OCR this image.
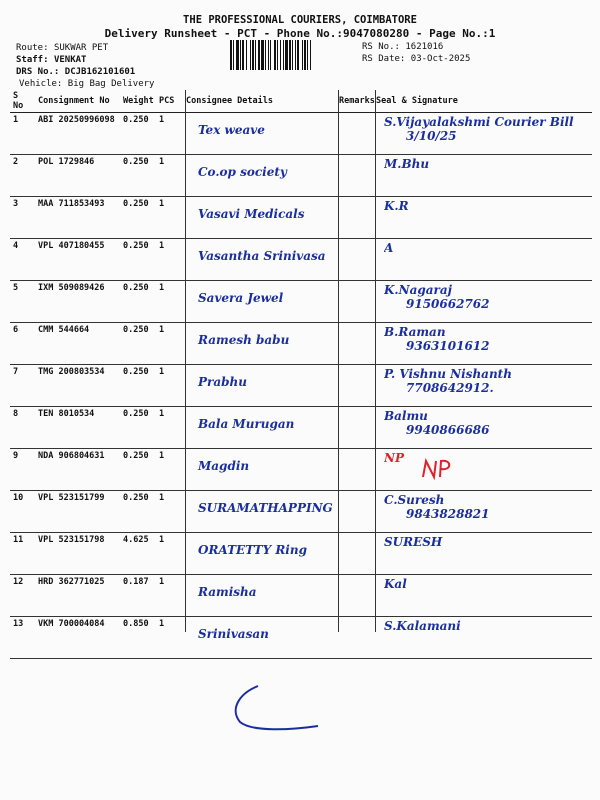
THE PROFESSIONAL COURIERS, COIMBATORE
Delivery Runsheet - PCT - Phone No.:9047080280 - Page No.:1
Route: SUKWAR PET
Staff: VENKAT
DRS No.: DCJB162101601
Vehicle: Big Bag Delivery
RS No.: 1621016
RS Date: 03-Oct-2025
S No	Consignment No	Weight	PCS	Consignee Details	Remarks	Seal & Signature
1	ABI 20250996098	0.250	1	Tex weave		S.Vijayalakshmi Courier Bill
3/10/25

2	POL 1729846	0.250	1	Co.op society		M.Bhu

3	MAA 711853493	0.250	1	Vasavi Medicals		K.R

4	VPL 407180455	0.250	1	Vasantha Srinivasa		A

5	IXM 509089426	0.250	1	Savera Jewel		K.Nagaraj
9150662762

6	CMM 544664	0.250	1	Ramesh babu		B.Raman
9363101612

7	TMG 200803534	0.250	1	Prabhu		P. Vishnu Nishanth
7708642912.

8	TEN 8010534	0.250	1	Bala Murugan		Balmu
9940866686

9	NDA 906804631	0.250	1	Magdin		NP

10	VPL 523151799	0.250	1	SURAMATHAPPING		C.Suresh
9843828821

11	VPL 523151798	4.625	1	ORATETTY Ring		SURESH

12	HRD 362771025	0.187	1	Ramisha		Kal

13	VKM 700004084	0.850	1	Srinivasan		S.Kalamani
